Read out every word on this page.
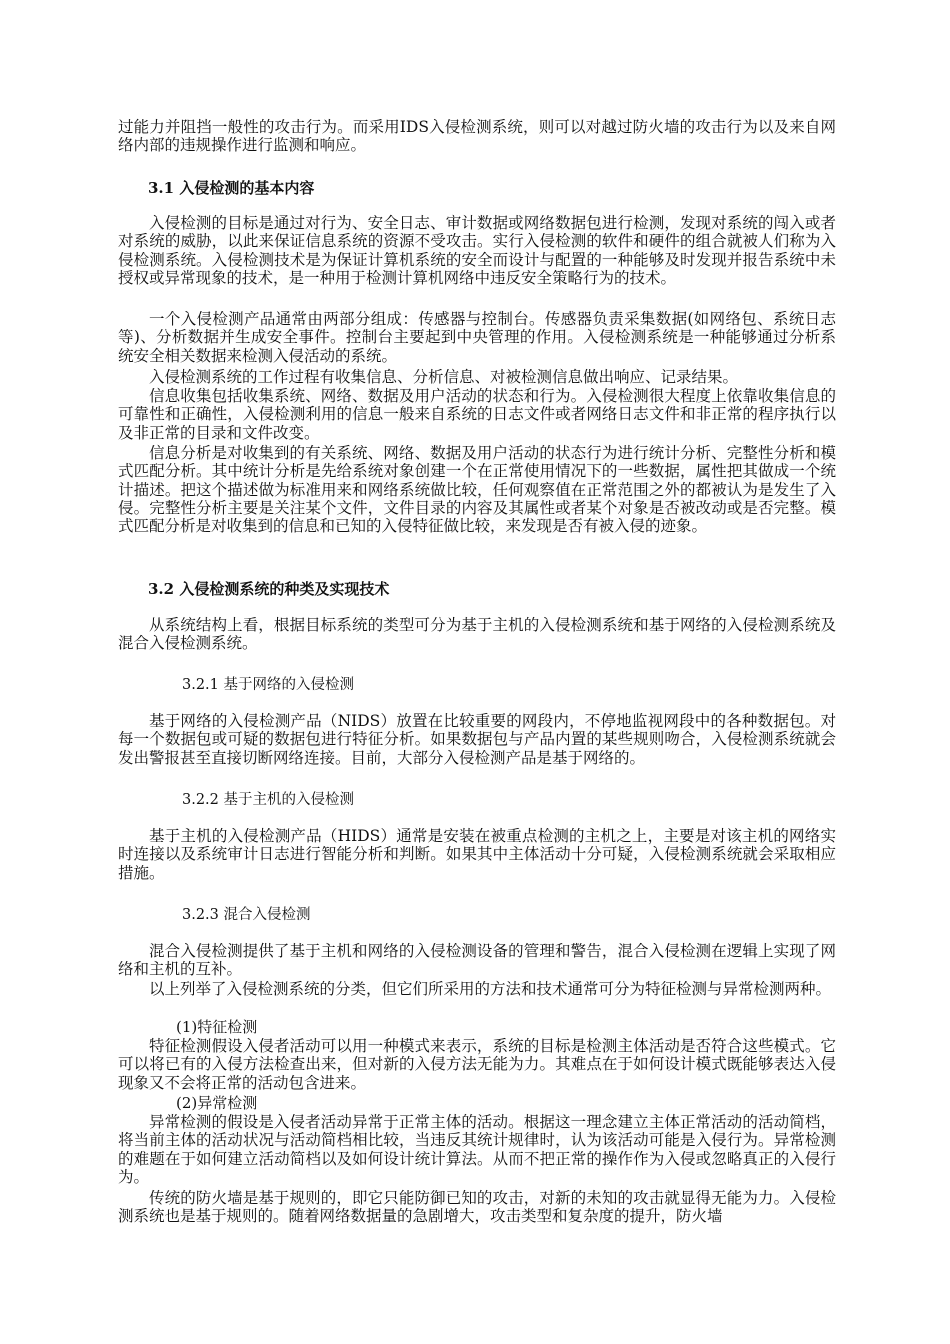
过能力并阻挡一般性的攻击行为。而采用IDS入侵检测系统，则可以对越过防火墙的攻击行为以及来自网络内部的违规操作进行监测和响应。

3.1 入侵检测的基本内容

入侵检测的目标是通过对行为、安全日志、审计数据或网络数据包进行检测，发现对系统的闯入或者对系统的威胁，以此来保证信息系统的资源不受攻击。实行入侵检测的软件和硬件的组合就被人们称为入侵检测系统。入侵检测技术是为保证计算机系统的安全而设计与配置的一种能够及时发现并报告系统中未授权或异常现象的技术，是一种用于检测计算机网络中违反安全策略行为的技术。

一个入侵检测产品通常由两部分组成：传感器与控制台。传感器负责采集数据(如网络包、系统日志等)、分析数据并生成安全事件。控制台主要起到中央管理的作用。入侵检测系统是一种能够通过分析系统安全相关数据来检测入侵活动的系统。

入侵检测系统的工作过程有收集信息、分析信息、对被检测信息做出响应、记录结果。

信息收集包括收集系统、网络、数据及用户活动的状态和行为。入侵检测很大程度上依靠收集信息的可靠性和正确性，入侵检测利用的信息一般来自系统的日志文件或者网络日志文件和非正常的程序执行以及非正常的目录和文件改变。

信息分析是对收集到的有关系统、网络、数据及用户活动的状态行为进行统计分析、完整性分析和模式匹配分析。其中统计分析是先给系统对象创建一个在正常使用情况下的一些数据，属性把其做成一个统计描述。把这个描述做为标准用来和网络系统做比较，任何观察值在正常范围之外的都被认为是发生了入侵。完整性分析主要是关注某个文件，文件目录的内容及其属性或者某个对象是否被改动或是否完整。模式匹配分析是对收集到的信息和已知的入侵特征做比较，来发现是否有被入侵的迹象。

3.2 入侵检测系统的种类及实现技术

从系统结构上看，根据目标系统的类型可分为基于主机的入侵检测系统和基于网络的入侵检测系统及混合入侵检测系统。

3.2.1 基于网络的入侵检测

基于网络的入侵检测产品（NIDS）放置在比较重要的网段内，不停地监视网段中的各种数据包。对每一个数据包或可疑的数据包进行特征分析。如果数据包与产品内置的某些规则吻合，入侵检测系统就会发出警报甚至直接切断网络连接。目前，大部分入侵检测产品是基于网络的。

3.2.2 基于主机的入侵检测

基于主机的入侵检测产品（HIDS）通常是安装在被重点检测的主机之上，主要是对该主机的网络实时连接以及系统审计日志进行智能分析和判断。如果其中主体活动十分可疑，入侵检测系统就会采取相应措施。

3.2.3 混合入侵检测

混合入侵检测提供了基于主机和网络的入侵检测设备的管理和警告，混合入侵检测在逻辑上实现了网络和主机的互补。

以上列举了入侵检测系统的分类，但它们所采用的方法和技术通常可分为特征检测与异常检测两种。

(1)特征检测

特征检测假设入侵者活动可以用一种模式来表示，系统的目标是检测主体活动是否符合这些模式。它可以将已有的入侵方法检查出来，但对新的入侵方法无能为力。其难点在于如何设计模式既能够表达入侵现象又不会将正常的活动包含进来。

(2)异常检测

异常检测的假设是入侵者活动异常于正常主体的活动。根据这一理念建立主体正常活动的活动简档，将当前主体的活动状况与活动简档相比较，当违反其统计规律时，认为该活动可能是入侵行为。异常检测的难题在于如何建立活动简档以及如何设计统计算法。从而不把正常的操作作为入侵或忽略真正的入侵行为。

传统的防火墙是基于规则的，即它只能防御已知的攻击，对新的未知的攻击就显得无能为力。入侵检测系统也是基于规则的。随着网络数据量的急剧增大，攻击类型和复杂度的提升，防火墙
